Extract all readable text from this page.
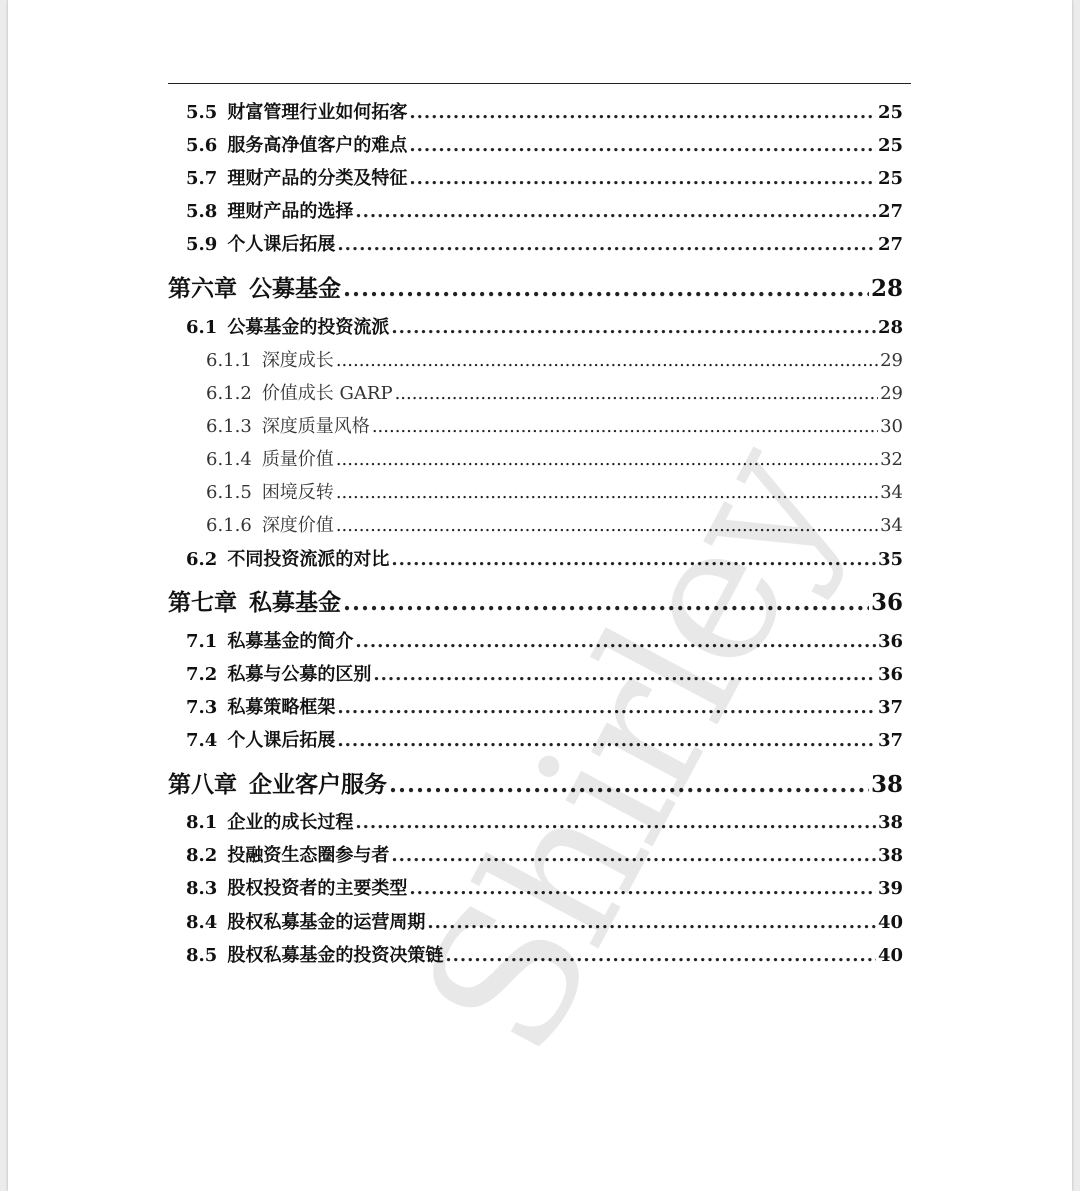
5.5 财富管理行业如何拓客 .....	25
5.6 服务高净值客户的难点 .....	25
5.7 理财产品的分类及特征 .....	25
5.8 理财产品的选择 .....	27
5.9 个人课后拓展 .....	27
第六章 公募基金 .....	28
6.1 公募基金的投资流派 .....	28
6.1.1 深度成长 .....	29
6.1.2 价值成长 GARP .....	29
6.1.3 深度质量风格 .....	30
6.1.4 质量价值 .....	32
6.1.5 困境反转 .....	34
6.1.6 深度价值 .....	34
6.2 不同投资流派的对比 .....	35
第七章 私募基金 .....	36
7.1 私募基金的简介 .....	36
7.2 私募与公募的区别 .....	36
7.3 私募策略框架 .....	37
7.4 个人课后拓展 .....	37
第八章 企业客户服务 .....	38
8.1 企业的成长过程 .....	38
8.2 投融资生态圈参与者 .....	38
8.3 股权投资者的主要类型 .....	39
8.4 股权私募基金的运营周期 .....	40
8.5 股权私募基金的投资决策链 .....	40
Shirley
